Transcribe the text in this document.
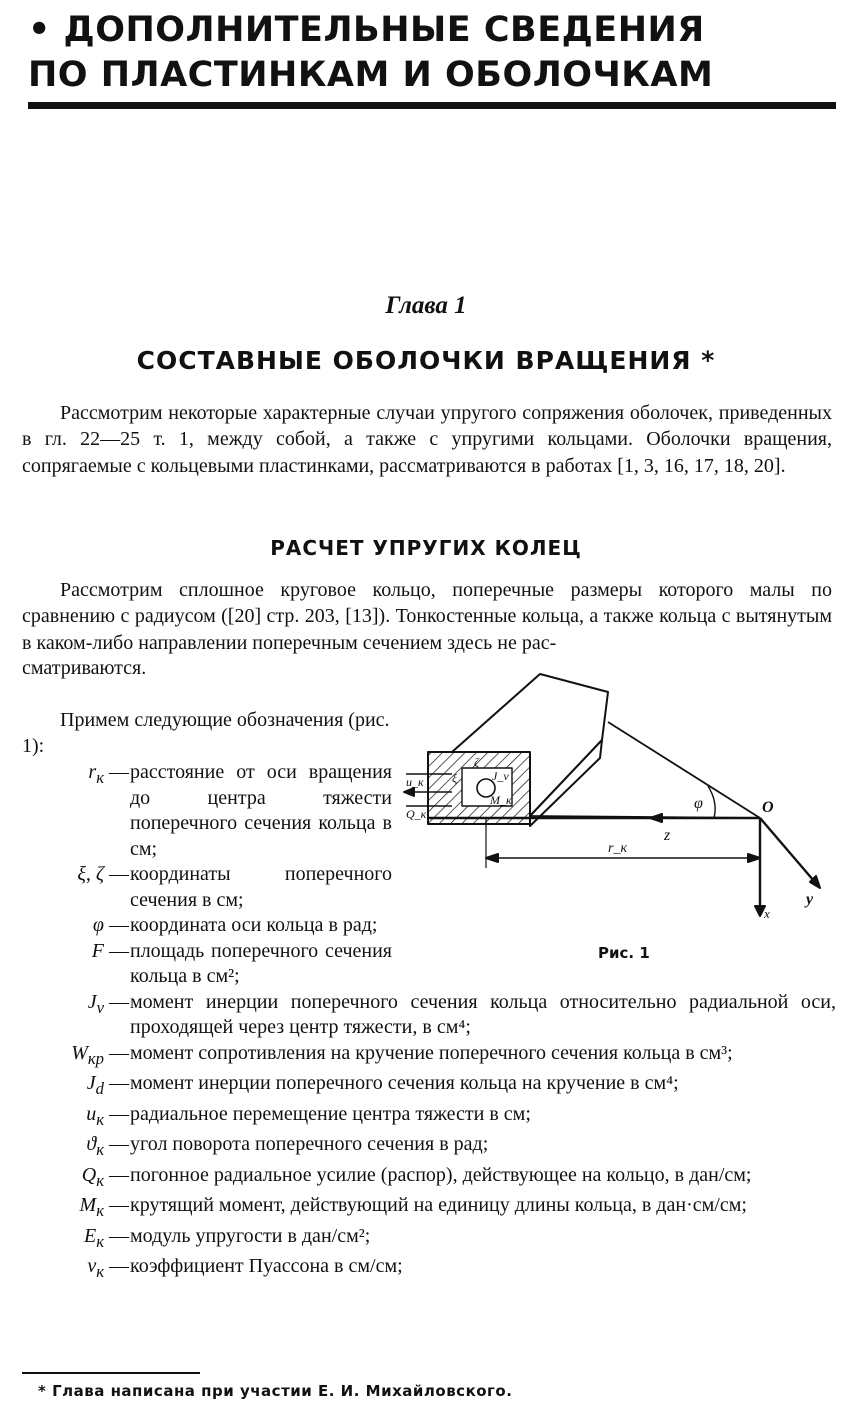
• ДОПОЛНИТЕЛЬНЫЕ СВЕДЕНИЯ
ПО ПЛАСТИНКАМ И ОБОЛОЧКАМ
Глава 1
СОСТАВНЫЕ ОБОЛОЧКИ ВРАЩЕНИЯ *
Рассмотрим некоторые характерные случаи упругого сопряжения оболочек, приведенных в гл. 22—25 т. 1, между собой, а также с упругими кольцами. Оболочки вращения, сопрягаемые с кольцевыми пластинками, рассматриваются в работах [1, 3, 16, 17, 18, 20].
РАСЧЕТ УПРУГИХ КОЛЕЦ
Рассмотрим сплошное круговое кольцо, поперечные размеры которого малы по сравнению с радиусом ([20] стр. 203, [13]). Тонкостенные кольца, а также кольца с вытянутым в каком-либо направлении поперечным сечением здесь не рас-
сматриваются.
Примем следующие обозначения (рис. 1):
$r_к$ — расстояние от оси вращения до центра тяжести поперечного сечения кольца в см;
ξ, ζ — координаты поперечного сечения в см;
φ — координата оси кольца в рад;
F — площадь поперечного сечения кольца в см²;
$J_\nu$ — момент инерции поперечного сечения кольца относительно радиальной оси, проходящей через центр тяжести, в см⁴;
$W_{кр}$ — момент сопротивления на кручение поперечного сечения кольца в см³;
$J_d$ — момент инерции поперечного сечения кольца на кручение в см⁴;
$u_к$ — радиальное перемещение центра тяжести в см;
$ϑ_к$ — угол поворота поперечного сечения в рад;
$Q_к$ — погонное радиальное усилие (распор), действующее на кольцо, в дан/см;
$M_к$ — крутящий момент, действующий на единицу длины кольца, в дан·см/см;
$E_к$ — модуль упругости в дан/см²;
$\nu_к$ — коэффициент Пуассона в см/см;
O
z
x
y
φ
r_к
u_к
Q_к
J_ν
M_к
ξ
ζ
Рис. 1
* Глава написана при участии Е. И. Михайловского.
